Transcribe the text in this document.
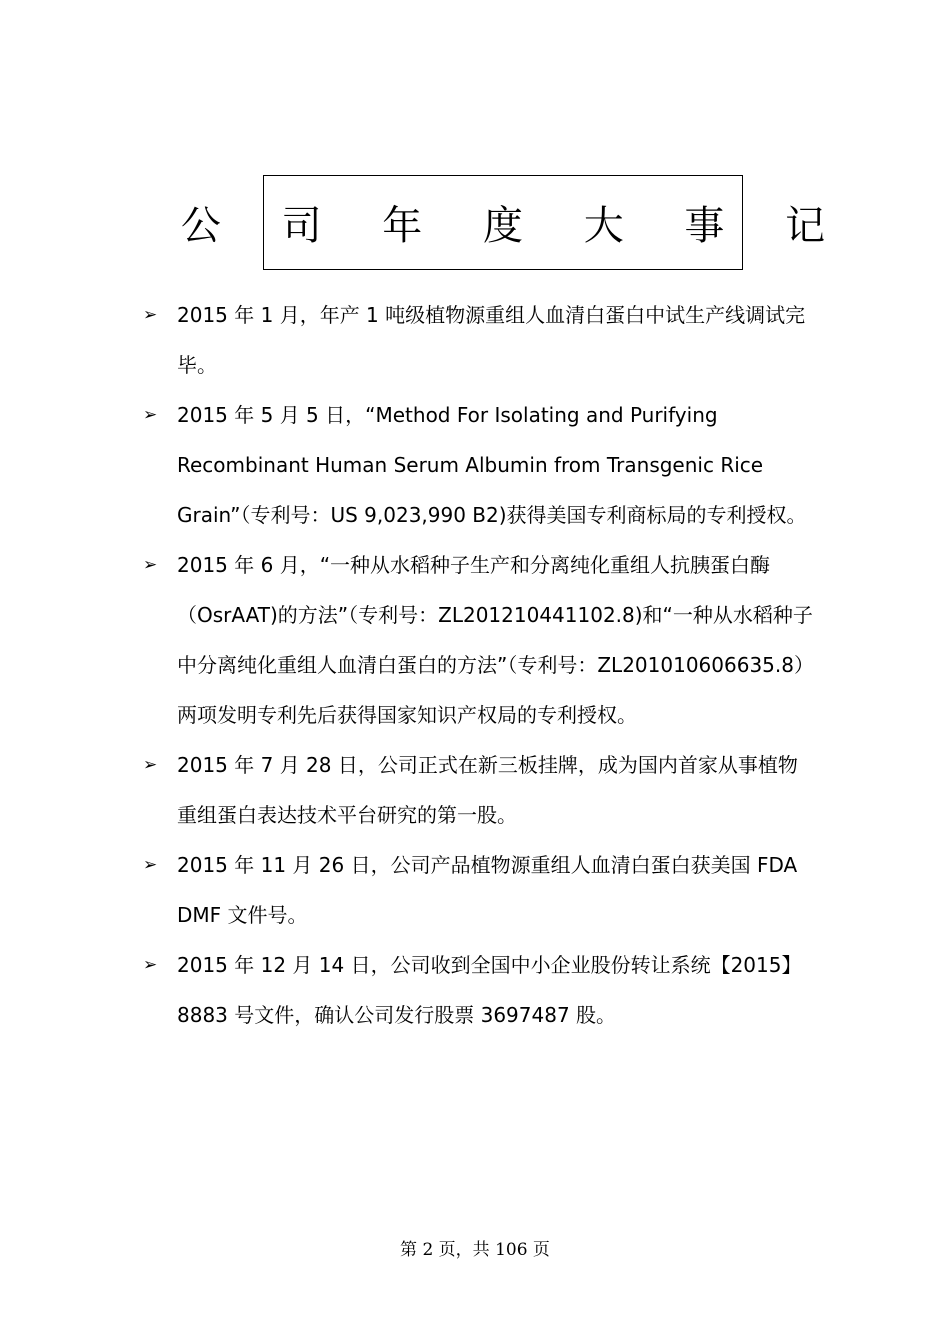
公 司 年 度 大 事 记
➢ 2015 年 1 月，年产 1 吨级植物源重组人血清白蛋白中试生产线调试完毕。
➢ 2015 年 5 月 5 日，“Method For Isolating and Purifying Recombinant Human Serum Albumin from Transgenic Rice Grain”（专利号：US 9,023,990 B2)获得美国专利商标局的专利授权。
➢ 2015 年 6 月，“一种从水稻种子生产和分离纯化重组人抗胰蛋白酶（OsrAAT)的方法”（专利号：ZL201210441102.8)和“一种从水稻种子中分离纯化重组人血清白蛋白的方法”（专利号：ZL201010606635.8）两项发明专利先后获得国家知识产权局的专利授权。
➢ 2015 年 7 月 28 日，公司正式在新三板挂牌，成为国内首家从事植物重组蛋白表达技术平台研究的第一股。
➢ 2015 年 11 月 26 日，公司产品植物源重组人血清白蛋白获美国 FDA DMF 文件号。
➢ 2015 年 12 月 14 日，公司收到全国中小企业股份转让系统【2015】8883 号文件，确认公司发行股票 3697487 股。
第 2 页，共 106 页
